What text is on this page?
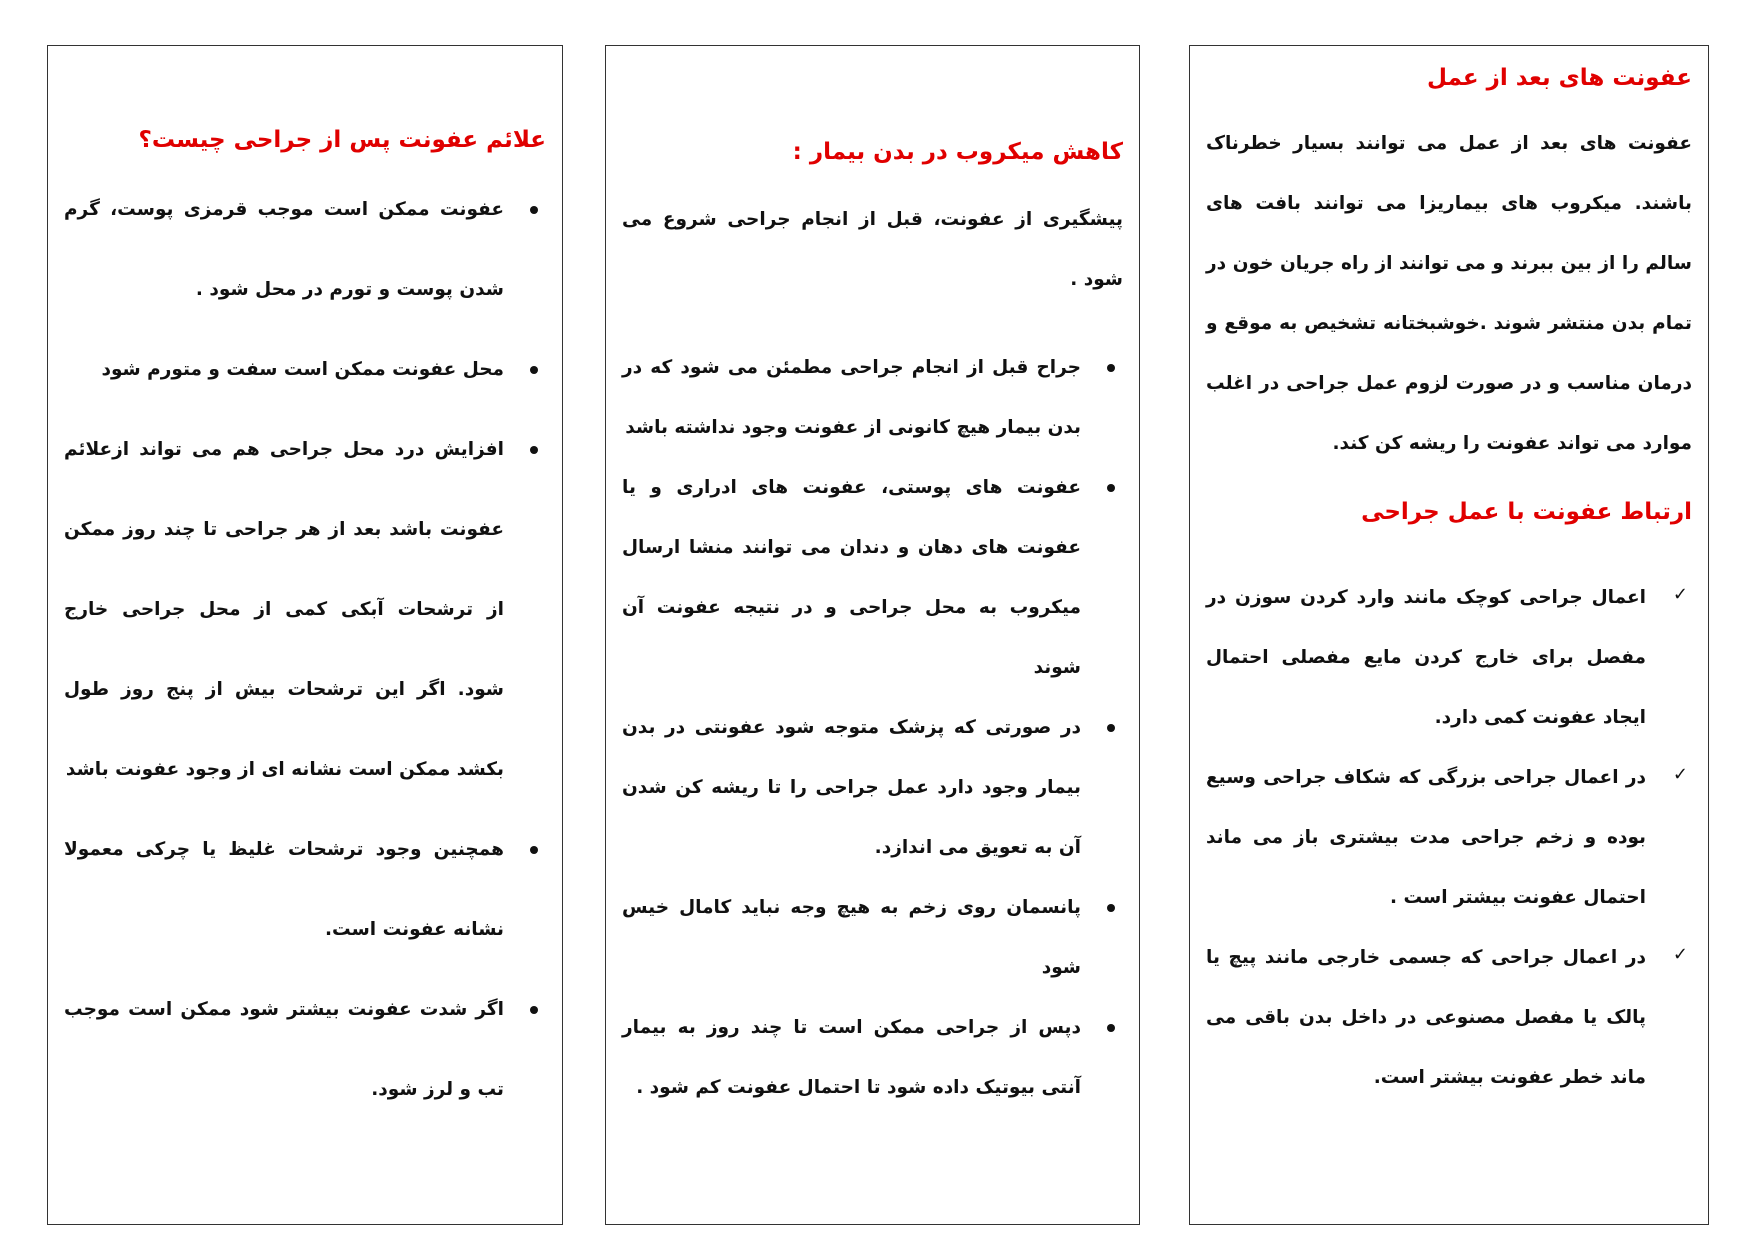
علائم عفونت پس از جراحی چیست؟
عفونت ممکن است موجب قرمزی پوست، گرم شدن پوست و تورم در محل شود .
محل عفونت ممکن است سفت و متورم شود
افزایش درد محل جراحی هم می تواند ازعلائم عفونت باشد بعد از هر جراحی تا چند روز ممکن از ترشحات آبکی کمی از محل جراحی خارج شود. اگر این ترشحات بیش از پنج روز طول بکشد ممکن است نشانه ای از وجود عفونت باشد
همچنین وجود ترشحات غلیظ یا چرکی معمولا نشانه عفونت است.
اگر شدت عفونت بیشتر شود ممکن است موجب تب و لرز شود.
کاهش میکروب در بدن بیمار :

پیشگیری از عفونت، قبل از انجام جراحی شروع می شود .

جراح قبل از انجام جراحی مطمئن می شود که در بدن بیمار هیچ کانونی از عفونت وجود نداشته باشد
عفونت های پوستی، عفونت های ادراری و یا عفونت های دهان و دندان می توانند منشا ارسال میکروب به محل جراحی و در نتیجه عفونت آن شوند
در صورتی که پزشک متوجه شود عفونتی در بدن بیمار وجود دارد عمل جراحی را تا ریشه کن شدن آن به تعویق می اندازد.
پانسمان روی زخم به هیچ وجه نباید کامال خیس شود
دپس از جراحی ممکن است تا چند روز به بیمار آنتی بیوتیک داده شود تا احتمال عفونت کم شود .
عفونت های بعد از عمل

عفونت های بعد از عمل می توانند بسیار خطرناک باشند. میکروب های بیماریزا می توانند بافت های سالم را از بین ببرند و می توانند از راه جریان خون در تمام بدن منتشر شوند .خوشبختانه تشخیص به موقع و درمان مناسب و در صورت لزوم عمل جراحی در اغلب موارد می تواند عفونت را ریشه کن کند.

ارتباط عفونت با عمل جراحی
✓
اعمال جراحی کوچک مانند وارد کردن سوزن در مفصل برای خارج کردن مایع مفصلی احتمال ایجاد عفونت کمی دارد.
✓
در اعمال جراحی بزرگی که شکاف جراحی وسیع بوده و زخم جراحی مدت بیشتری باز می ماند احتمال عفونت بیشتر است .
✓
در اعمال جراحی که جسمی خارجی مانند پیچ یا پالک یا مفصل مصنوعی در داخل بدن باقی می ماند خطر عفونت بیشتر است.
